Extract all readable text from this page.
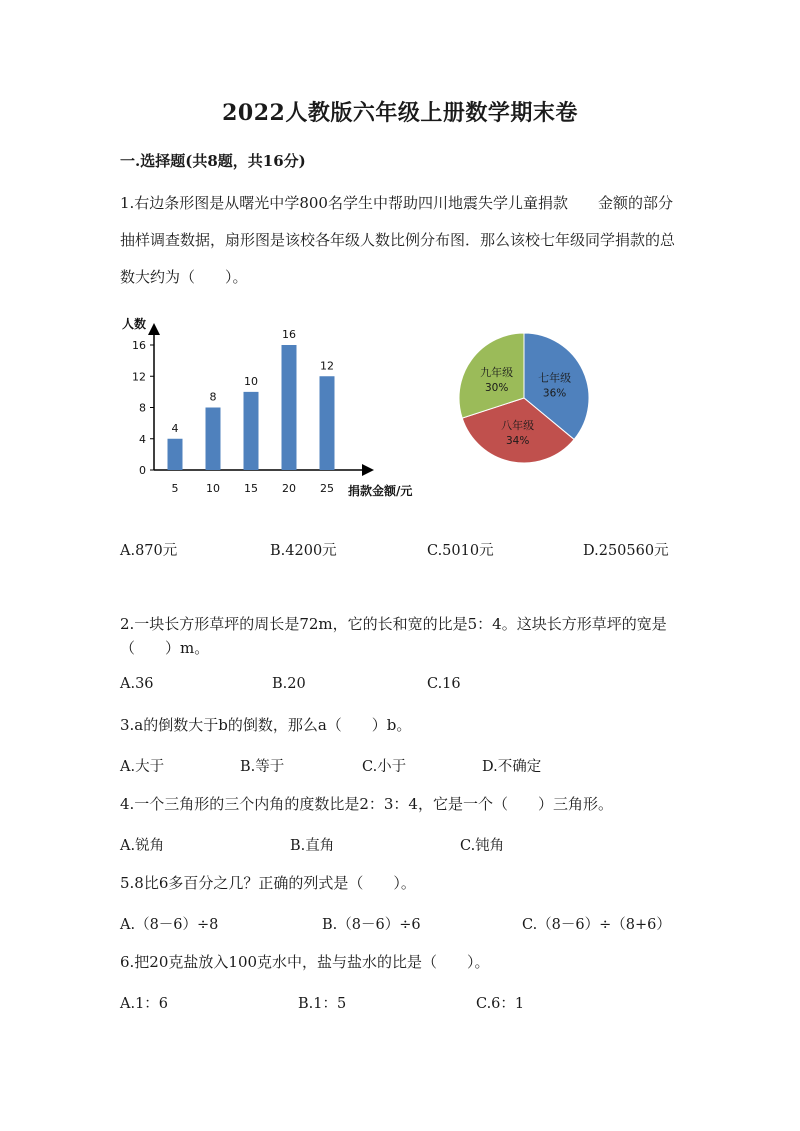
2022人教版六年级上册数学期末卷
一.选择题(共8题，共16分)
1.右边条形图是从曙光中学800名学生中帮助四川地震失学儿童捐款　　金额的部分抽样调查数据，扇形图是该校各年级人数比例分布图．那么该校七年级同学捐款的总数大约为（　　）。
人数
捐款金额/元
0
4
8
12
16
4
8
10
16
12
5	10 15 20 25
七年级
36%
八年级
34%
九年级
30%
A.870元	B.4200元	C.5010元	D.250560元
2.一块长方形草坪的周长是72m，它的长和宽的比是5：4。这块长方形草坪的宽是（　　）m。
A.36	B.20	C.16
3.a的倒数大于b的倒数，那么a（　　）b。
A.大于	B.等于	C.小于	D.不确定
4.一个三角形的三个内角的度数比是2：3：4，它是一个（　　）三角形。
A.锐角	B.直角	C.钝角
5.8比6多百分之几？正确的列式是（　　）。
A.（8－6）÷8	B.（8－6）÷6	C.（8－6）÷（8+6）
6.把20克盐放入100克水中，盐与盐水的比是（　　）。
A.1：6	B.1：5	C.6：1
